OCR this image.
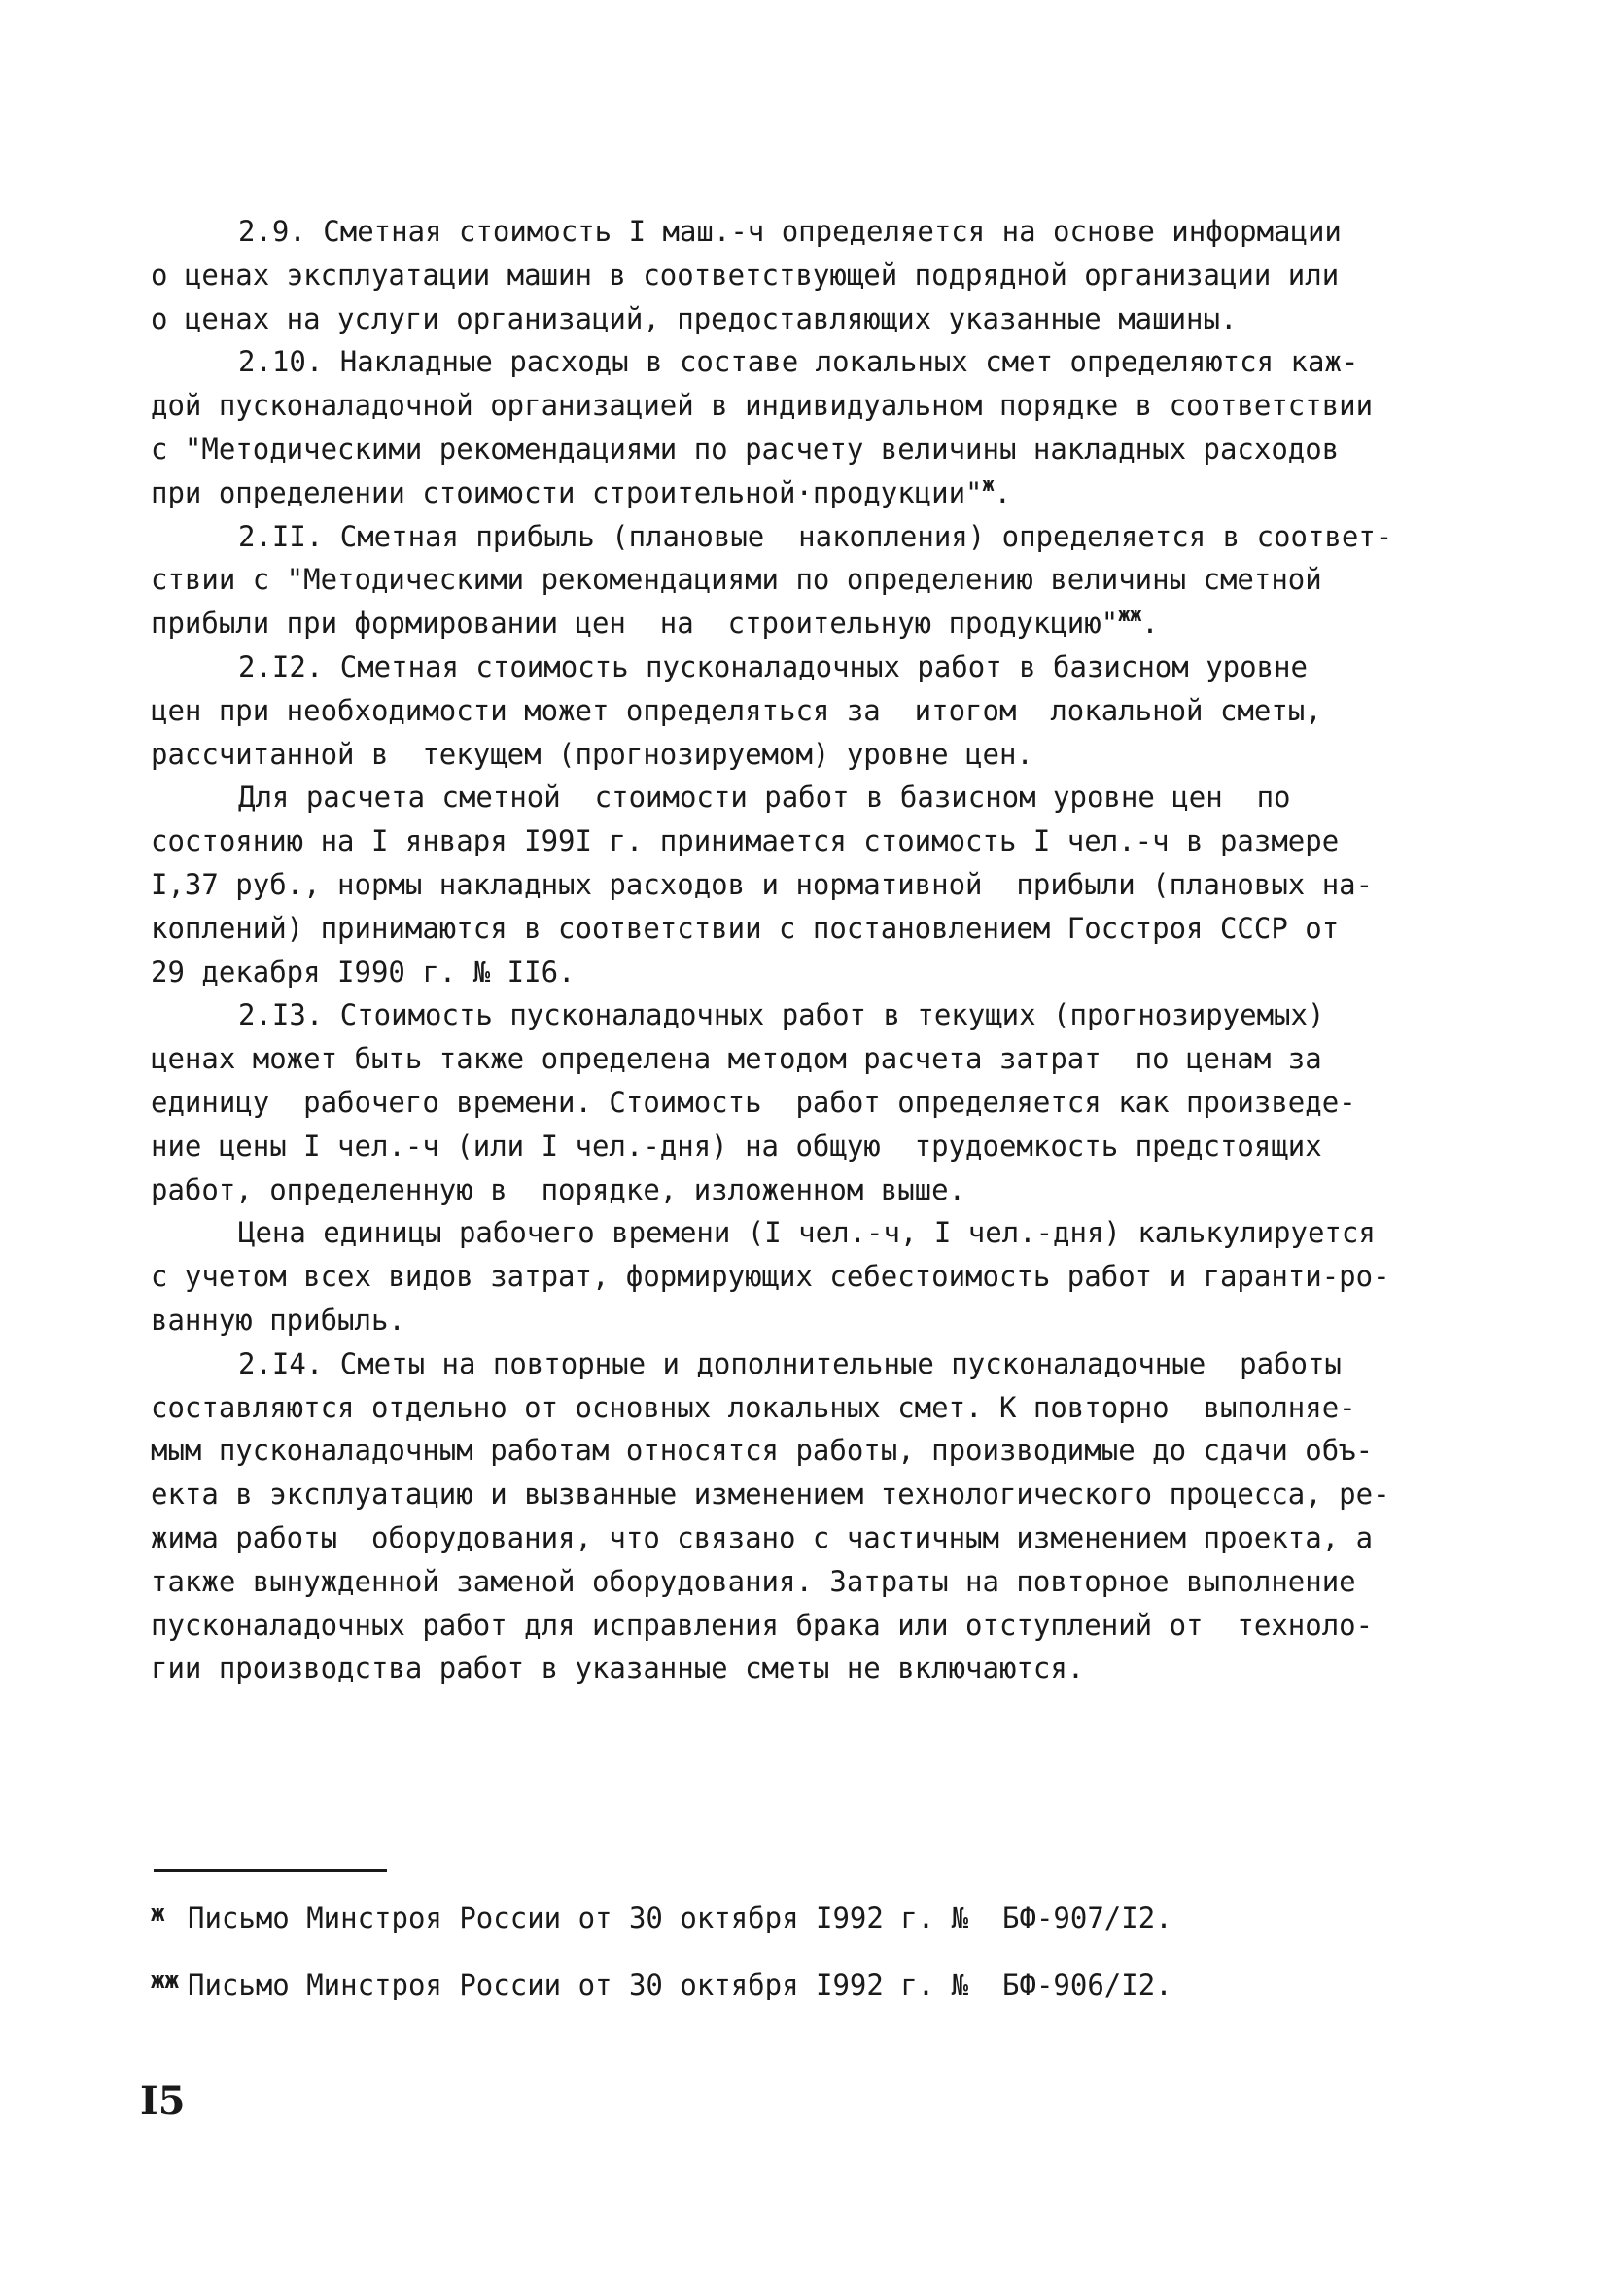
2.9. Сметная стоимость I маш.-ч определяется на основе информации
о ценах эксплуатации машин в соответствующей подрядной организации или
о ценах на услуги организаций, предоставляющих указанные машины.
2.10. Накладные расходы в составе локальных смет определяются каж-
дой пусконаладочной организацией в индивидуальном порядке в соответствии
с "Методическими рекомендациями по расчету величины накладных расходов
при определении стоимости строительной·продукции"$^ж$.
2.II. Сметная прибыль (плановые  накопления) определяется в соответ-
ствии с "Методическими рекомендациями по определению величины сметной
прибыли при формировании цен  на  строительную продукцию"$^{жж}$.
2.I2. Сметная стоимость пусконаладочных работ в базисном уровне
цен при необходимости может определяться за  итогом  локальной сметы,
рассчитанной в  текущем (прогнозируемом) уровне цен.
Для расчета сметной  стоимости работ в базисном уровне цен  по
состоянию на I января I99I г. принимается стоимость I чел.-ч в размере
I,37 руб., нормы накладных расходов и нормативной  прибыли (плановых на-
коплений) принимаются в соответствии с постановлением Госстроя СССР от
29 декабря I990 г. № II6.
2.I3. Стоимость пусконаладочных работ в текущих (прогнозируемых)
ценах может быть также определена методом расчета затрат  по ценам за
единицу  рабочего времени. Стоимость  работ определяется как произведе-
ние цены I чел.-ч (или I чел.-дня) на общую  трудоемкость предстоящих
работ, определенную в  порядке, изложенном выше.
Цена единицы рабочего времени (I чел.-ч, I чел.-дня) калькулируется
с учетом всех видов затрат, формирующих себестоимость работ и гаранти-ро-
ванную прибыль.
2.I4. Сметы на повторные и дополнительные пусконаладочные  работы
составляются отдельно от основных локальных смет. К повторно  выполняе-
мым пусконаладочным работам относятся работы, производимые до сдачи объ-
екта в эксплуатацию и вызванные изменением технологического процесса, ре-
жима работы  оборудования, что связано с частичным изменением проекта, а
также вынужденной заменой оборудования. Затраты на повторное выполнение
пусконаладочных работ для исправления брака или отступлений от  техноло-
гии производства работ в указанные сметы не включаются.
ж Письмо Минстроя России от 30 октября I992 г. №  БФ-907/I2.
жж Письмо Минстроя России от 30 октября I992 г. №  БФ-906/I2.
I5
